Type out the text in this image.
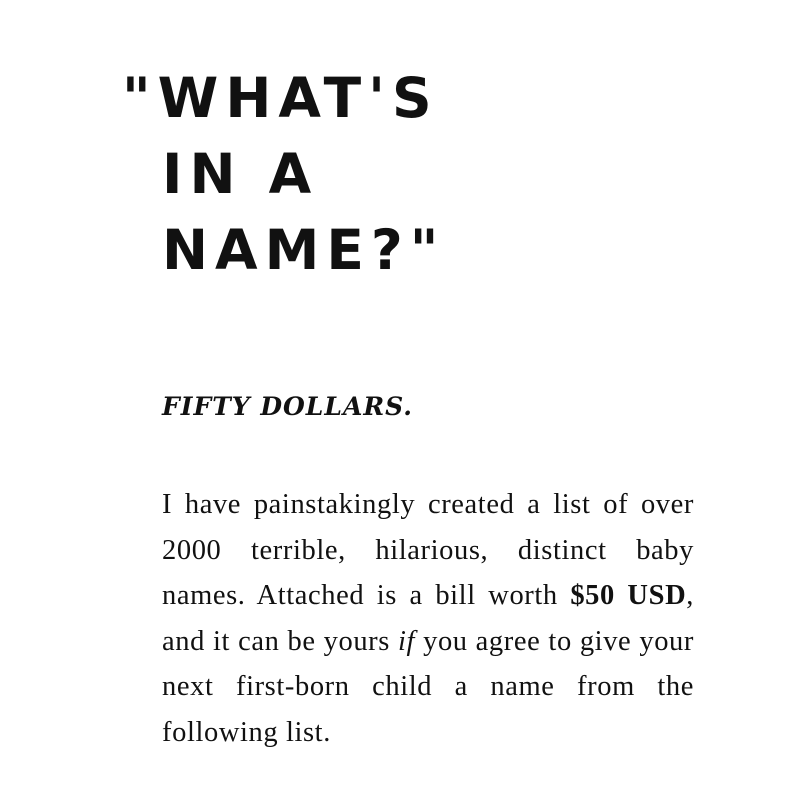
"WHAT'S
IN A
NAME?"
FIFTY DOLLARS.

I have painstakingly created a list of over 2000 terrible, hilarious, distinct baby names. Attached is a bill worth $50 USD, and it can be yours if you agree to give your next first-born child a name from the following list.
